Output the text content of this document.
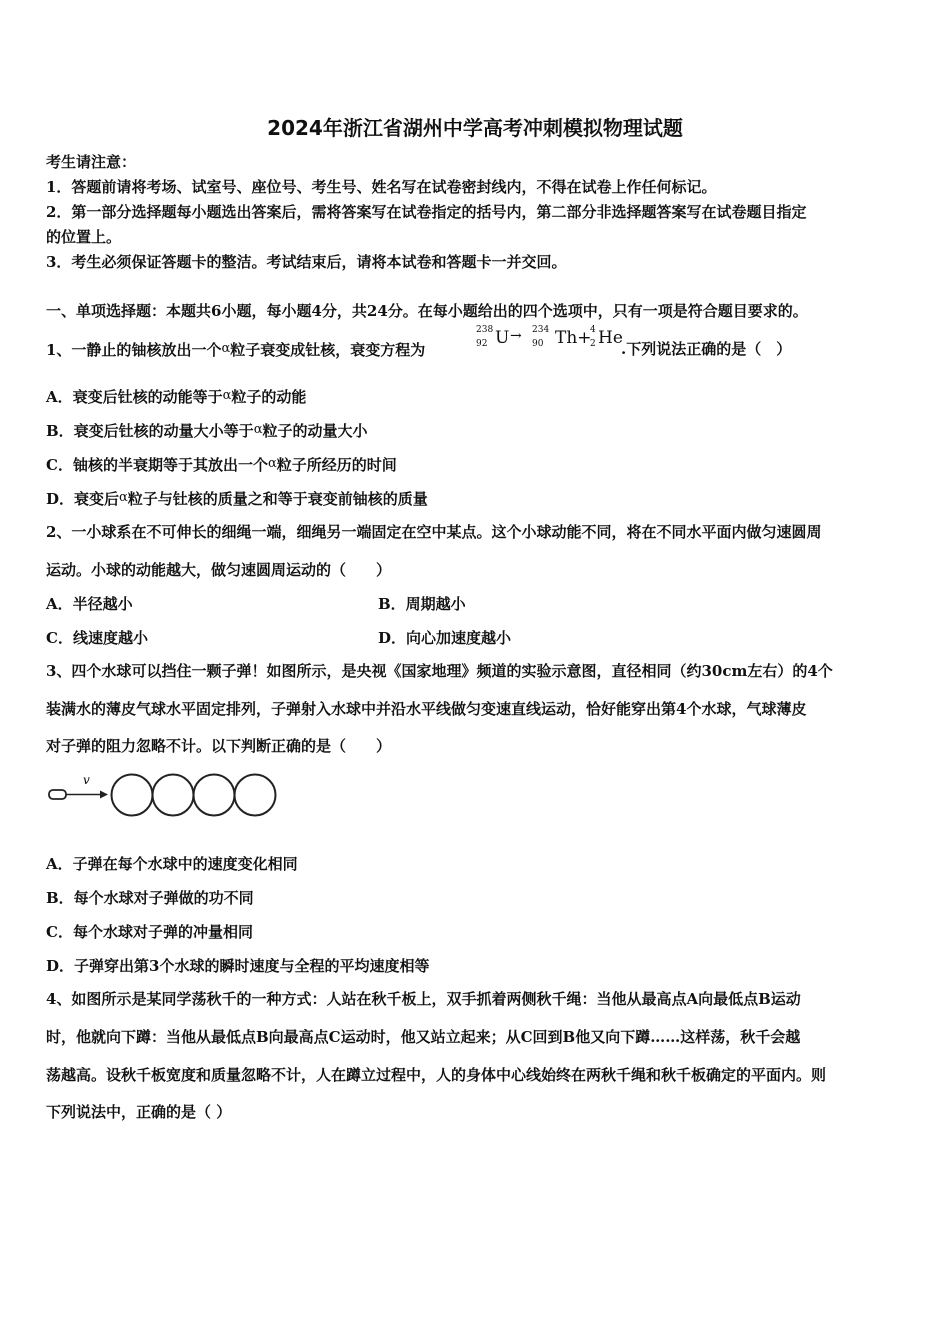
2024年浙江省湖州中学高考冲刺模拟物理试题
考生请注意：
1．答题前请将考场、试室号、座位号、考生号、姓名写在试卷密封线内，不得在试卷上作任何标记。
2．第一部分选择题每小题选出答案后，需将答案写在试卷指定的括号内，第二部分非选择题答案写在试卷题目指定
的位置上。
3．考生必须保证答题卡的整洁。考试结束后，请将本试卷和答题卡一并交回。
一、单项选择题：本题共6小题，每小题4分，共24分。在每小题给出的四个选项中，只有一项是符合题目要求的。
1、一静止的铀核放出一个α粒子衰变成钍核，衰变方程为
238
92 U → 234
90 Th+
4
2 He
.下列说法正确的是（　）
A．衰变后钍核的动能等于α粒子的动能
B．衰变后钍核的动量大小等于α粒子的动量大小
C．铀核的半衰期等于其放出一个α粒子所经历的时间
D．衰变后α粒子与钍核的质量之和等于衰变前铀核的质量
2、一小球系在不可伸长的细绳一端，细绳另一端固定在空中某点。这个小球动能不同，将在不同水平面内做匀速圆周
运动。小球的动能越大，做匀速圆周运动的（　　）
A．半径越小	B．周期越小
C．线速度越小	D．向心加速度越小
3、四个水球可以挡住一颗子弹！如图所示，是央视《国家地理》频道的实验示意图，直径相同（约30cm左右）的4个
装满水的薄皮气球水平固定排列，子弹射入水球中并沿水平线做匀变速直线运动，恰好能穿出第4个水球，气球薄皮
对子弹的阻力忽略不计。以下判断正确的是（　　）
v
A．子弹在每个水球中的速度变化相同
B．每个水球对子弹做的功不同
C．每个水球对子弹的冲量相同
D．子弹穿出第3个水球的瞬时速度与全程的平均速度相等
4、如图所示是某同学荡秋千的一种方式：人站在秋千板上，双手抓着两侧秋千绳：当他从最高点A向最低点B运动
时，他就向下蹲：当他从最低点B向最高点C运动时，他又站立起来；从C回到B他又向下蹲……这样荡，秋千会越
荡越高。设秋千板宽度和质量忽略不计，人在蹲立过程中，人的身体中心线始终在两秋千绳和秋千板确定的平面内。则
下列说法中，正确的是（ ）
